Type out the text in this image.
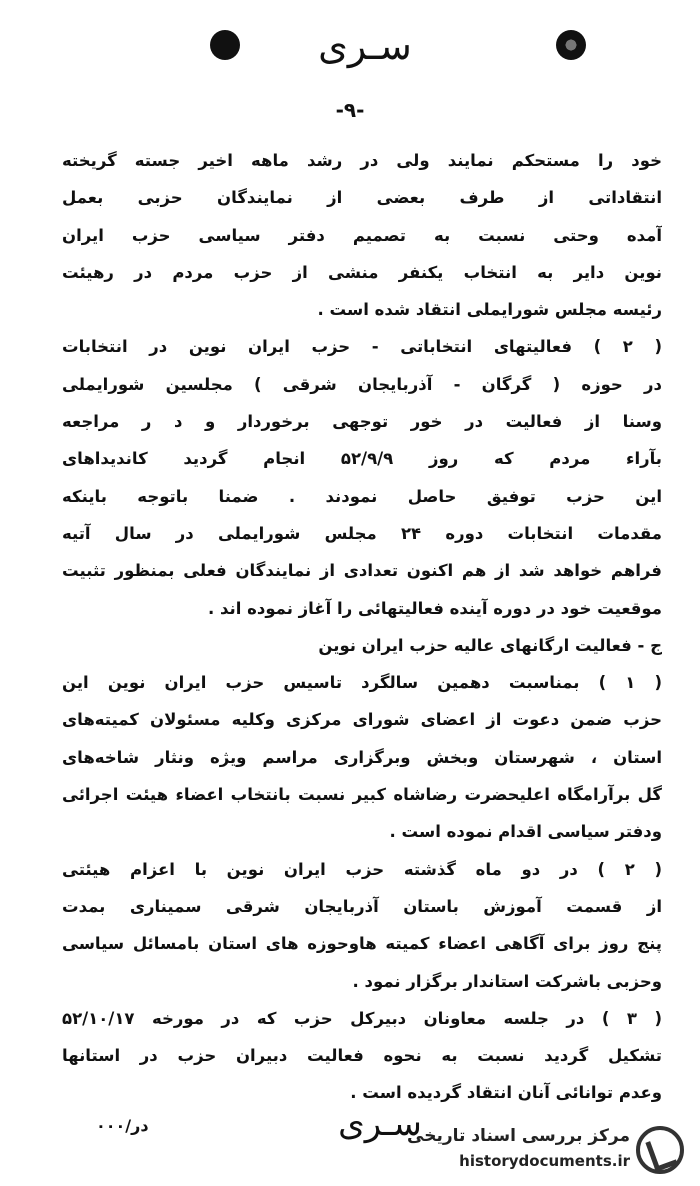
سـرى
-۹-
خود را مستحکم نمایند ولی در رشد ماهه اخیر جسته گریخته
انتقاداتی از طرف بعضی از نمایندگان حزبی بعمل
آمده وحتی نسبت به تصمیم دفتر سیاسی حزب ایران
نوین دایر به انتخاب یکنفر منشی از حزب مردم در رهیئت
رئیسه مجلس شورایملی انتقاد شده است .
( ۲ ) فعالیتهای انتخاباتی - حزب ایران نوین در انتخابات
در حوزه ( گرگان - آذربایجان شرقی ) مجلسین شورایملی
وسنا از فعالیت در خور توجهی برخوردار و د ر مراجعه
بآراء مردم که روز ۵۲/۹/۹ انجام گردید کاندیداهای
این حزب توفیق حاصل نمودند . ضمنا باتوجه باینکه
مقدمات انتخابات دوره ۲۴ مجلس شورایملی در سال آتیه
فراهم خواهد شد از هم اکنون تعدادی از نمایندگان فعلی بمنظور تثبیت
موقعیت خود در دوره آینده فعالیتهائی را آغاز نموده اند .
ج - فعالیت ارگانهای عالیه حزب ایران نوین
( ۱ ) بمناسبت دهمین سالگرد تاسیس حزب ایران نوین این
حزب ضمن دعوت از اعضای شورای مرکزی وکلیه مسئولان کمیته‌های
استان ، شهرستان وبخش وبرگزاری مراسم ویژه ونثار شاخه‌های
گل برآرامگاه اعلیحضرت رضاشاه کبیر نسبت بانتخاب اعضاء هیئت اجرائی
ودفتر سیاسی اقدام نموده است .
( ۲ ) در دو ماه گذشته حزب ایران نوین با اعزام هیئتی
از قسمت آموزش باستان آذربایجان شرقی سمیناری بمدت
پنج روز برای آگاهی اعضاء کمیته هاوحوزه های استان بامسائل سیاسی
وحزبی باشرکت استاندار برگزار نمود .
( ۳ ) در جلسه معاونان دبیرکل حزب که در مورخه ۵۲/۱۰/۱۷
تشکیل گردید نسبت به نحوه فعالیت دبیران حزب در استانها
وعدم توانائی آنان انتقاد گردیده است .
در/۰۰۰	سـرى
مرکز بررسی اسناد تاریخی
historydocuments.ir
